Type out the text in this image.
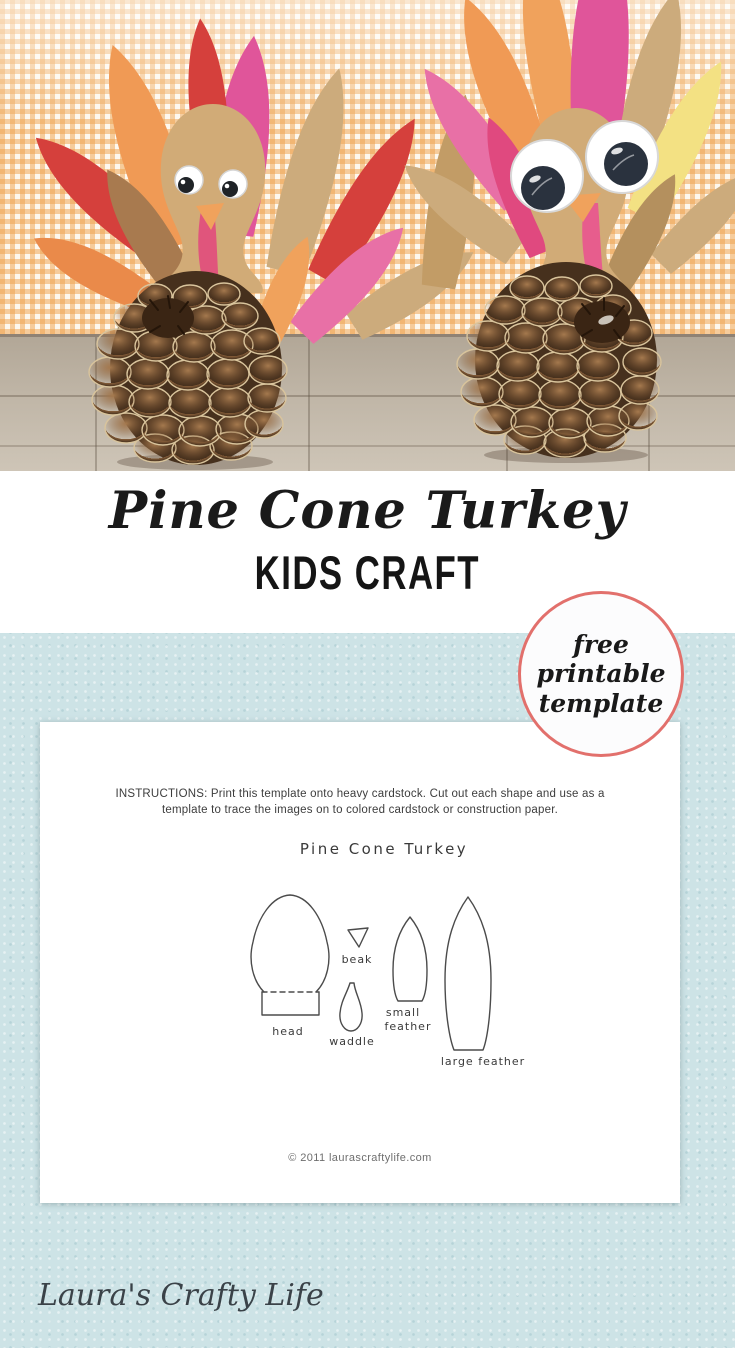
Pine Cone Turkey
KIDS CRAFT
free
printable
template
INSTRUCTIONS: Print this template onto heavy cardstock. Cut out each shape and use as a
template to trace the images on to colored cardstock or construction paper.
Pine Cone Turkey
head
beak
waddle
small
feather
large feather
© 2011 laurascraftylife.com
Laura's Crafty Life
